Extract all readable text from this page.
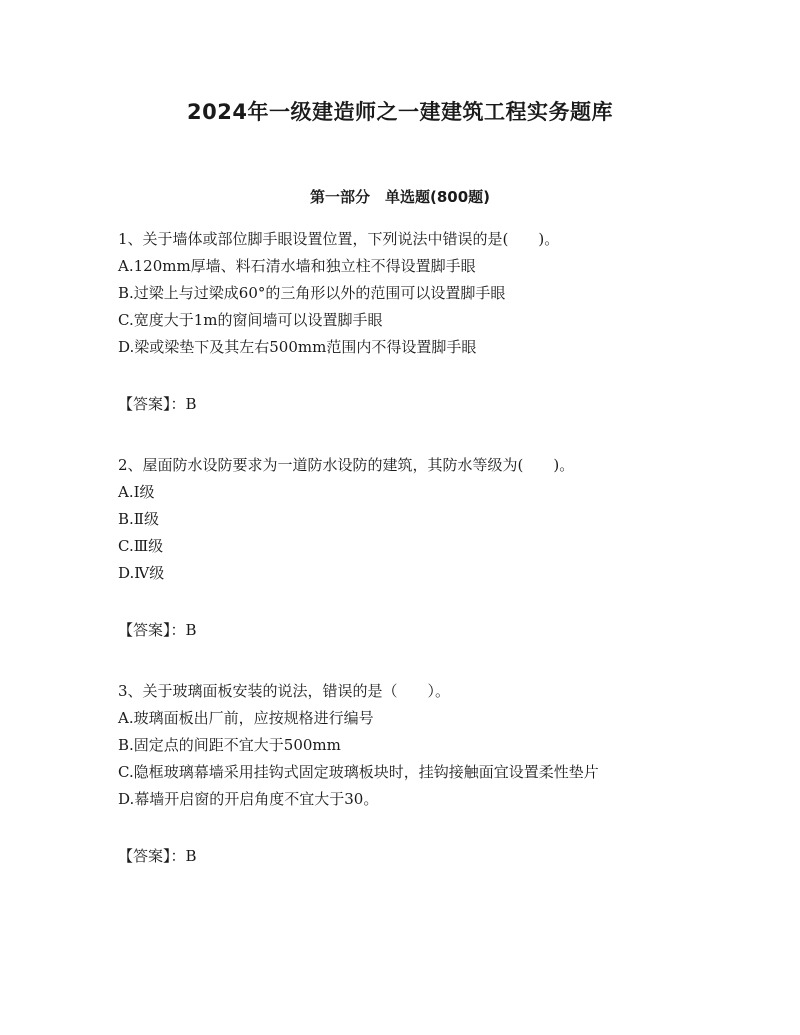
2024年一级建造师之一建建筑工程实务题库
第一部分　单选题(800题)
1、关于墙体或部位脚手眼设置位置，下列说法中错误的是(　　)。
A.120mm厚墙、料石清水墙和独立柱不得设置脚手眼
B.过梁上与过梁成60°的三角形以外的范围可以设置脚手眼
C.宽度大于1m的窗间墙可以设置脚手眼
D.梁或梁垫下及其左右500mm范围内不得设置脚手眼
【答案】：B
2、屋面防水设防要求为一道防水设防的建筑，其防水等级为(　　)。
A.Ⅰ级
B.Ⅱ级
C.Ⅲ级
D.Ⅳ级
【答案】：B
3、关于玻璃面板安装的说法，错误的是（　　）。
A.玻璃面板出厂前，应按规格进行编号
B.固定点的间距不宜大于500mm
C.隐框玻璃幕墙采用挂钩式固定玻璃板块时，挂钩接触面宜设置柔性垫片
D.幕墙开启窗的开启角度不宜大于30。
【答案】：B
